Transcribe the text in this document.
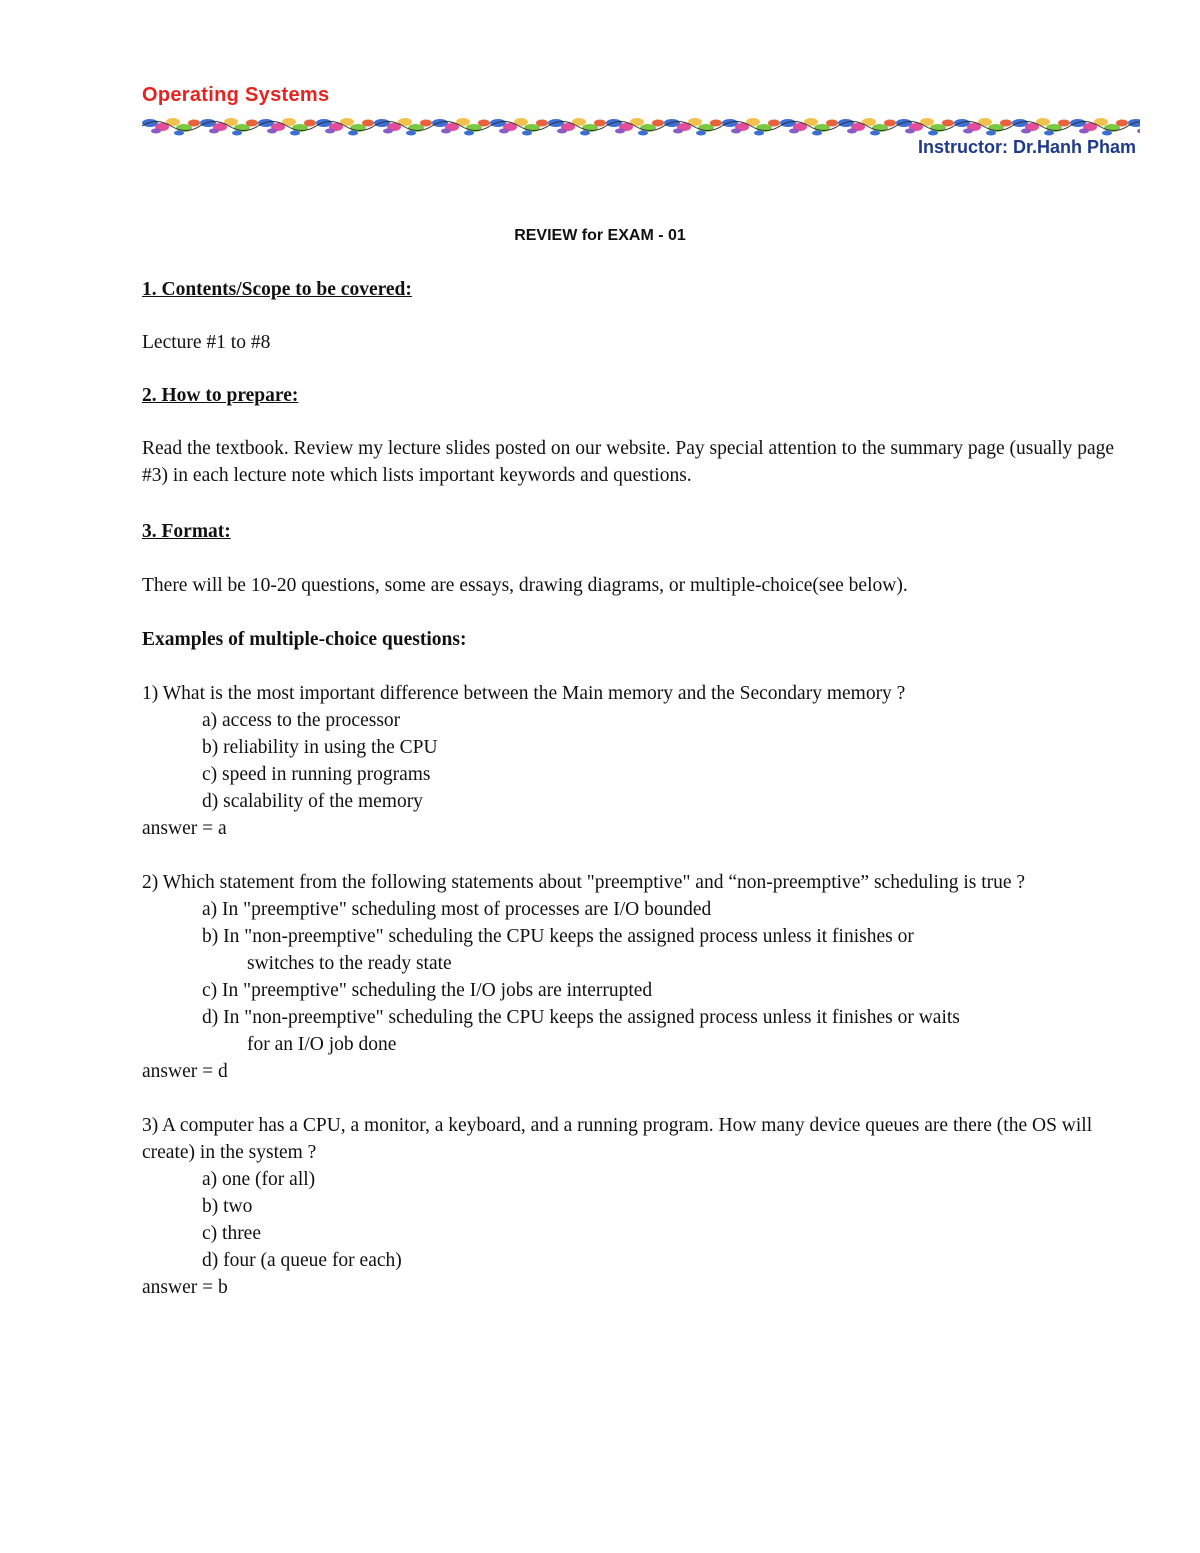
Operating Systems
Instructor: Dr.Hanh Pham
REVIEW for EXAM - 01

1. Contents/Scope to be covered:

Lecture #1 to #8

2. How to prepare:

Read the textbook. Review my lecture slides posted on our website. Pay special attention to the summary page (usually page #3) in each lecture note which lists important keywords and questions.

3. Format:

There will be 10-20 questions, some are essays, drawing diagrams, or multiple-choice(see below).

Examples of multiple-choice questions:

1) What is the most important difference between the Main memory and the Secondary memory ?

a) access to the processor

b) reliability in using the CPU

c) speed in running programs

d) scalability of the memory

answer = a

2) Which statement from the following statements about "preemptive" and “non-preemptive” scheduling is true ?

a) In "preemptive" scheduling most of processes are I/O bounded

b) In "non-preemptive" scheduling the CPU keeps the assigned process unless it finishes or

switches to the ready state

c) In "preemptive" scheduling the I/O jobs are interrupted

d) In "non-preemptive" scheduling the CPU keeps the assigned process unless it finishes or waits

for an I/O job done

answer = d

3) A computer has a CPU, a monitor, a keyboard, and a running program. How many device queues are there (the OS will create) in the system ?

a) one (for all)

b) two

c) three

d) four (a queue for each)

answer = b
